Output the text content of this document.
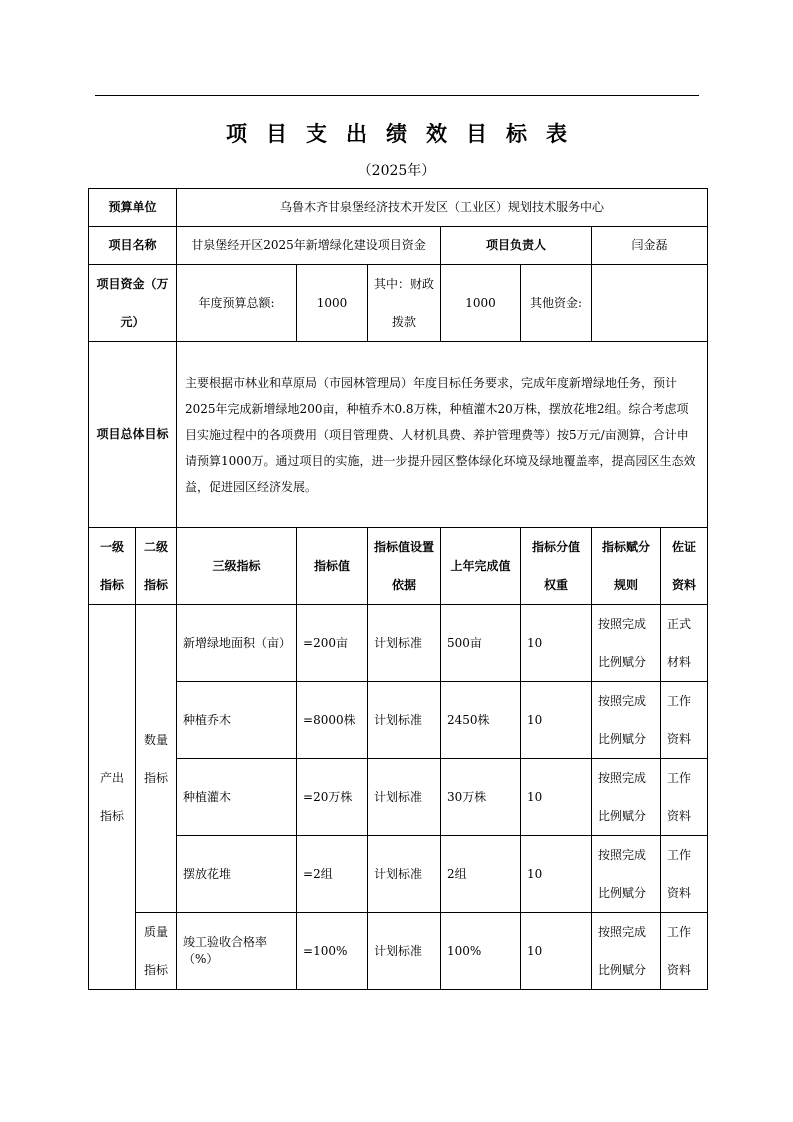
项目支出绩效目标表
（2025年）
预算单位		乌鲁木齐甘泉堡经济技术开发区（工业区）规划技术服务中心						
项目名称		甘泉堡经开区2025年新增绿化建设项目资金			项目负责人		闫金磊	
项目资金（万元）		年度预算总额:	1000	其中：财政拨款	1000	其他资金:		
项目总体目标		主要根据市林业和草原局（市园林管理局）年度目标任务要求，完成年度新增绿地任务，预计2025年完成新增绿地200亩，种植乔木0.8万株，种植灌木20万株，摆放花堆2组。综合考虑项目实施过程中的各项费用（项目管理费、人材机具费、养护管理费等）按5万元/亩测算，合计申请预算1000万。通过项目的实施，进一步提升园区整体绿化环境及绿地覆盖率，提高园区生态效益，促进园区经济发展。						
一级指标	二级指标	三级指标	指标值	指标值设置依据	上年完成值	指标分值权重	指标赋分规则	佐证资料
产出指标	数量指标	新增绿地面积（亩）	=200亩	计划标准	500亩	10	按照完成比例赋分	正式材料
		种植乔木	=8000株	计划标准	2450株	10	按照完成比例赋分	工作资料
		种植灌木	=20万株	计划标准	30万株	10	按照完成比例赋分	工作资料
		摆放花堆	=2组	计划标准	2组	10	按照完成比例赋分	工作资料
	质量指标	竣工验收合格率（%）	=100%	计划标准	100%	10	按照完成比例赋分	工作资料
